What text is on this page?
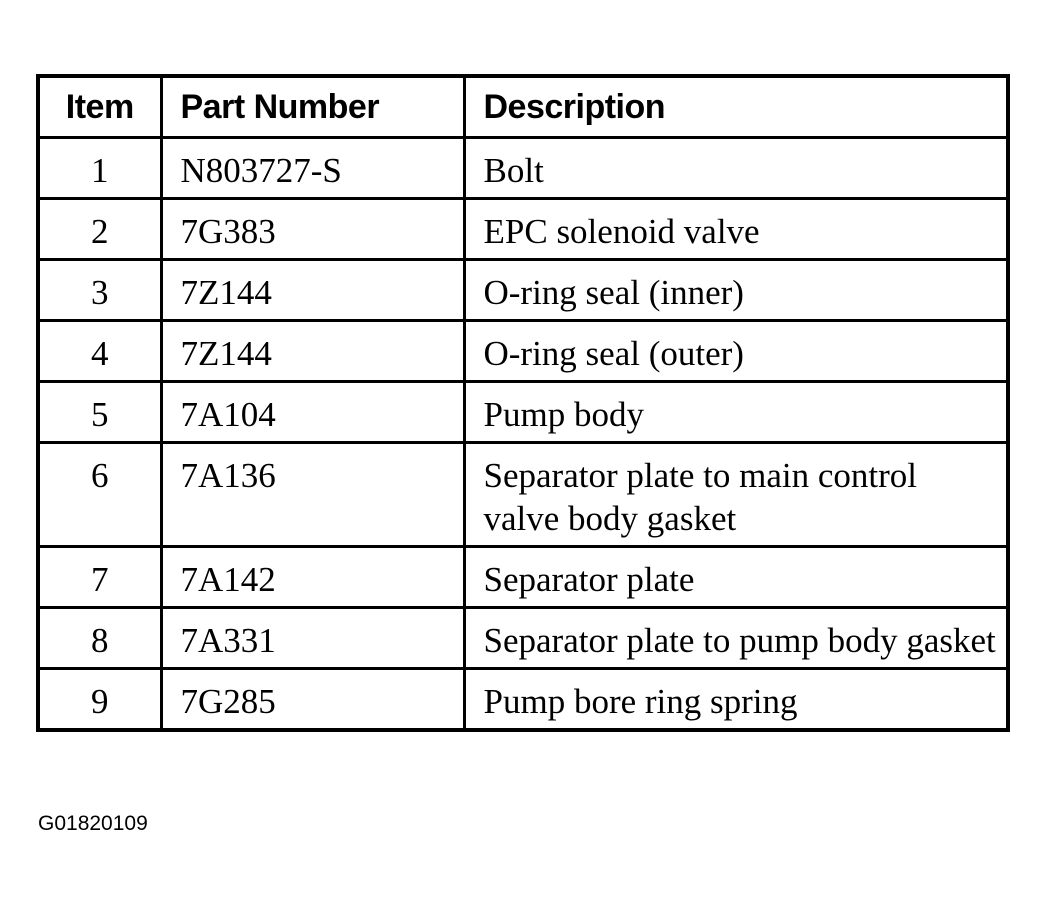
Item	Part Number	Description
1	N803727-S	Bolt
2	7G383	EPC solenoid valve
3	7Z144	O-ring seal (inner)
4	7Z144	O-ring seal (outer)
5	7A104	Pump body
6	7A136	Separator plate to main control valve body gasket
7	7A142	Separator plate
8	7A331	Separator plate to pump body gasket
9	7G285	Pump bore ring spring
G01820109
